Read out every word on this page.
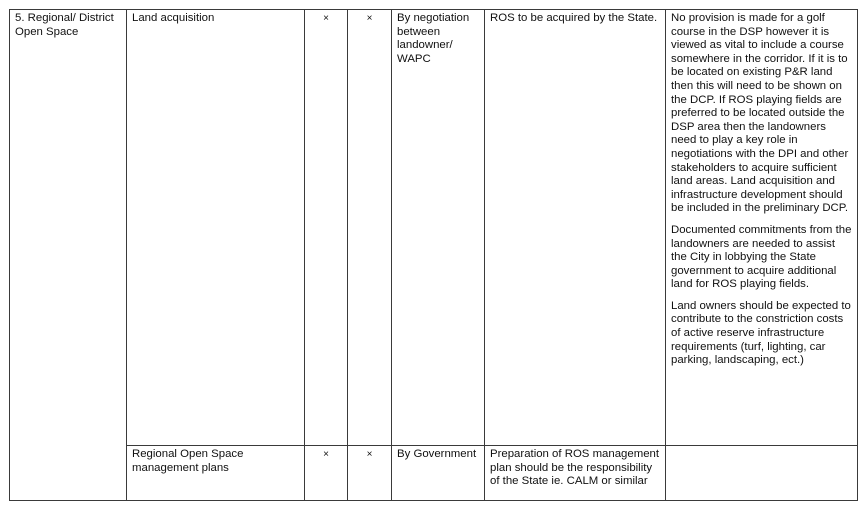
5. Regional/ District Open Space	Land acquisition	×	×	By negotiation between landowner/ WAPC	ROS to be acquired by the State.	No provision is made for a golf course in the DSP however it is viewed as vital to include a course somewhere in the corridor. If it is to be located on existing P&R land then this will need to be shown on the DCP. If ROS playing fields are preferred to be located outside the DSP area then the landowners need to play a key role in negotiations with the DPI and other stakeholders to acquire sufficient land areas. Land acquisition and infrastructure development should be included in the preliminary DCP.

Documented commitments from the landowners are needed to assist the City in lobbying the State government to acquire additional land for ROS playing fields.

Land owners should be expected to contribute to the constriction costs of active reserve infrastructure requirements (turf, lighting, car parking, landscaping, ect.)

	Regional Open Space management plans	×	×	By Government	Preparation of ROS management plan should be the responsibility of the State ie. CALM or similar	
